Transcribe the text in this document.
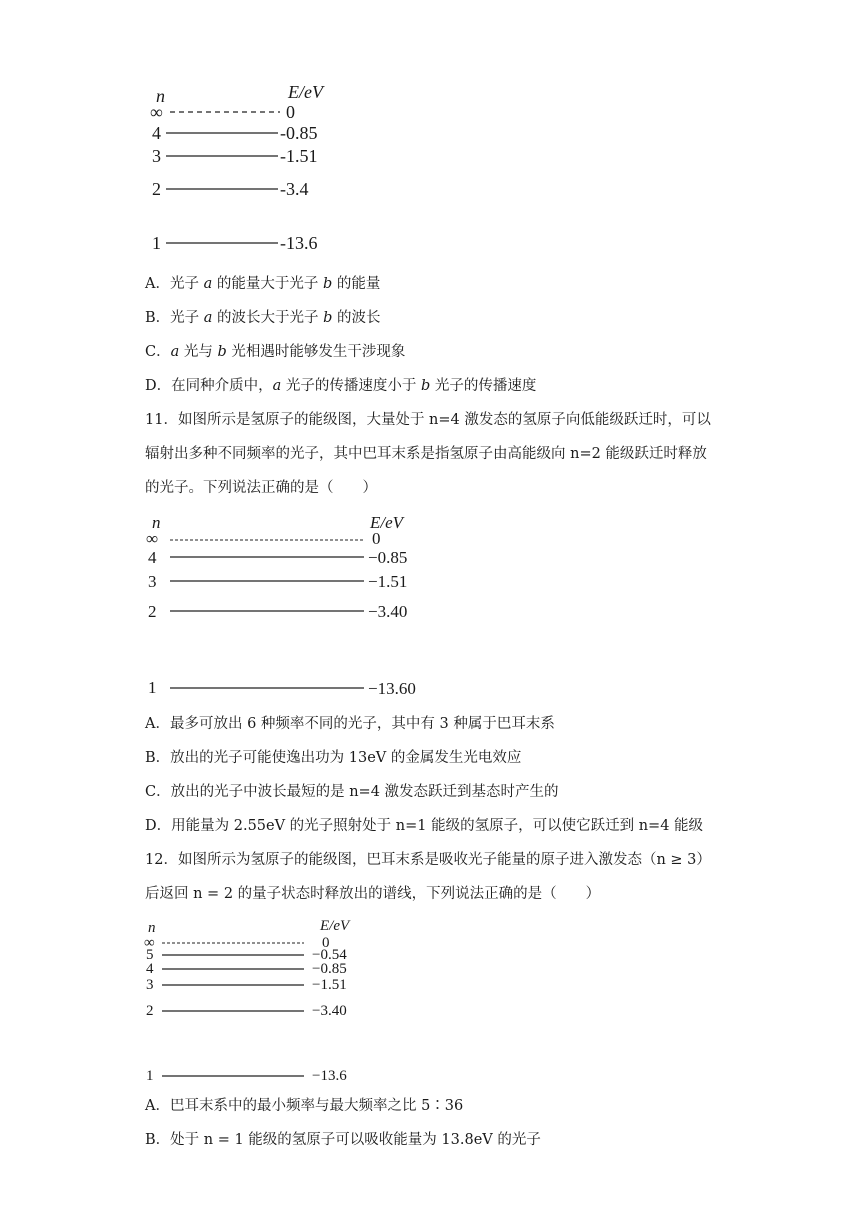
n	E/eV
∞	0
4	-0.85
3	-1.51
2	-3.4
1	-13.6
A．光子 a 的能量大于光子 b 的能量
B．光子 a 的波长大于光子 b 的波长
C．a 光与 b 光相遇时能够发生干涉现象
D．在同种介质中，a 光子的传播速度小于 b 光子的传播速度
11．如图所示是氢原子的能级图，大量处于 n=4 激发态的氢原子向低能级跃迁时，可以
辐射出多种不同频率的光子，其中巴耳末系是指氢原子由高能级向 n=2 能级跃迁时释放
的光子。下列说法正确的是（　　）
n	E/eV
∞	0
4	−0.85
3	−1.51
2	−3.40
1	−13.60
A．最多可放出 6 种频率不同的光子，其中有 3 种属于巴耳末系
B．放出的光子可能使逸出功为 13eV 的金属发生光电效应
C．放出的光子中波长最短的是 n=4 激发态跃迁到基态时产生的
D．用能量为 2.55eV 的光子照射处于 n=1 能级的氢原子，可以使它跃迁到 n=4 能级
12．如图所示为氢原子的能级图，巴耳末系是吸收光子能量的原子进入激发态（n ≥ 3）
后返回 n = 2 的量子状态时释放出的谱线，下列说法正确的是（　　）
n	E/eV
∞	0
5	−0.54
4	−0.85
3	−1.51
2	−3.40
1	−13.6
A．巴耳末系中的最小频率与最大频率之比 5∶36
B．处于 n = 1 能级的氢原子可以吸收能量为 13.8eV 的光子
